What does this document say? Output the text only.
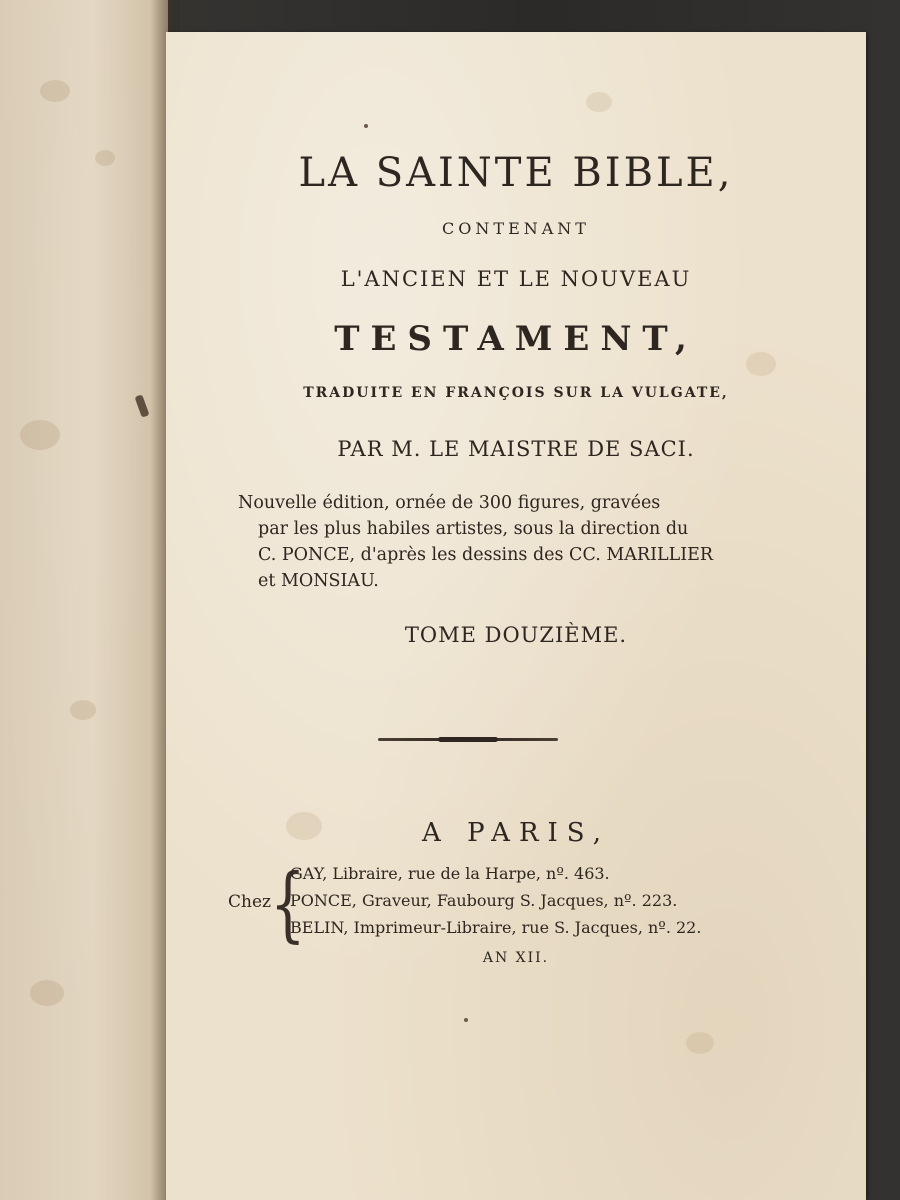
LA SAINTE BIBLE,
CONTENANT
L'ANCIEN ET LE NOUVEAU
TESTAMENT,
TRADUITE EN FRANÇOIS SUR LA VULGATE,
PAR M. LE MAISTRE DE SACI.
Nouvelle édition, ornée de 300 figures, gravées
par les plus habiles artistes, sous la direction du
C. PONCE, d'après les dessins des CC. MARILLIER
et MONSIAU.
TOME DOUZIÈME.
A PARIS,
Chez {
GAY, Libraire, rue de la Harpe, nº. 463.
PONCE, Graveur, Faubourg S. Jacques, nº. 223.
BELIN, Imprimeur-Libraire, rue S. Jacques, nº. 22.
AN XII.
